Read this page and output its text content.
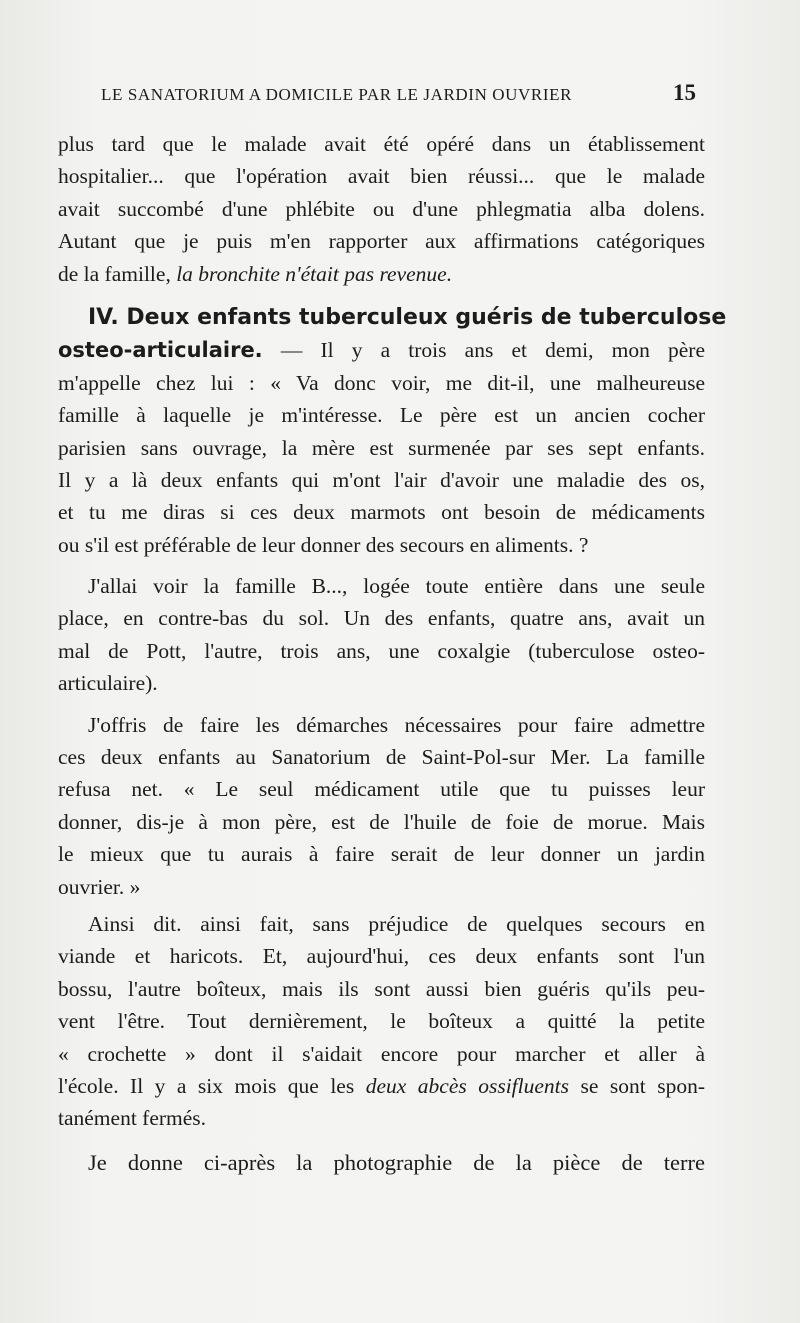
LE SANATORIUM A DOMICILE PAR LE JARDIN OUVRIER	15
plus tard que le malade avait été opéré dans un établissement
hospitalier... que l'opération avait bien réussi... que le malade
avait succombé d'une phlébite ou d'une phlegmatia alba dolens.
Autant que je puis m'en rapporter aux affirmations catégoriques
de la famille, la bronchite n'était pas revenue.
IV. Deux enfants tuberculeux guéris de tuberculose
osteo-articulaire. — Il y a trois ans et demi, mon père
m'appelle chez lui : « Va donc voir, me dit-il, une malheureuse
famille à laquelle je m'intéresse. Le père est un ancien cocher
parisien sans ouvrage, la mère est surmenée par ses sept enfants.
Il y a là deux enfants qui m'ont l'air d'avoir une maladie des os,
et tu me diras si ces deux marmots ont besoin de médicaments
ou s'il est préférable de leur donner des secours en aliments. ?
J'allai voir la famille B..., logée toute entière dans une seule
place, en contre-bas du sol. Un des enfants, quatre ans, avait un
mal de Pott, l'autre, trois ans, une coxalgie (tuberculose osteo-
articulaire).
J'offris de faire les démarches nécessaires pour faire admettre
ces deux enfants au Sanatorium de Saint-Pol-sur Mer. La famille
refusa net. « Le seul médicament utile que tu puisses leur
donner, dis-je à mon père, est de l'huile de foie de morue. Mais
le mieux que tu aurais à faire serait de leur donner un jardin
ouvrier. »
Ainsi dit. ainsi fait, sans préjudice de quelques secours en
viande et haricots. Et, aujourd'hui, ces deux enfants sont l'un
bossu, l'autre boîteux, mais ils sont aussi bien guéris qu'ils peu-
vent l'être. Tout dernièrement, le boîteux a quitté la petite
« crochette » dont il s'aidait encore pour marcher et aller à
l'école. Il y a six mois que les deux abcès ossifluents se sont spon-
tanément fermés.
Je donne ci-après la photographie de la pièce de terre
